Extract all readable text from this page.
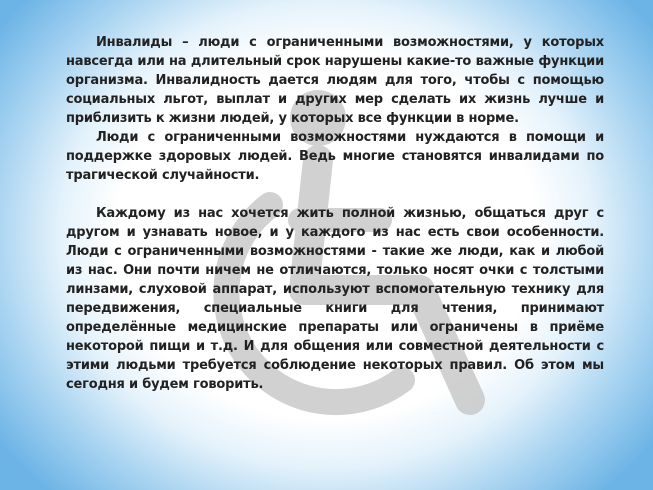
Инвалиды – люди с ограниченными возможностями, у которых навсегда или на длительный срок нарушены какие-то важные функции организма. Инвалидность дается людям для того, чтобы с помощью социальных льгот, выплат и других мер сделать их жизнь лучше и приблизить к жизни людей, у которых все функции в норме.

Люди с ограниченными возможностями нуждаются в помощи и поддержке здоровых людей. Ведь многие становятся инвалидами по трагической случайности.

Каждому из нас хочется жить полной жизнью, общаться друг с другом и узнавать новое, и у каждого из нас есть свои особенности. Люди с ограниченными возможностями - такие же люди, как и любой из нас. Они почти ничем не отличаются, только носят очки с толстыми линзами, слуховой аппарат, используют вспомогательную технику для передвижения, специальные книги для чтения, принимают определённые медицинские препараты или ограничены в приёме некоторой пищи и т.д. И для общения или совместной деятельности с этими людьми требуется соблюдение некоторых правил. Об этом мы сегодня и будем говорить.
